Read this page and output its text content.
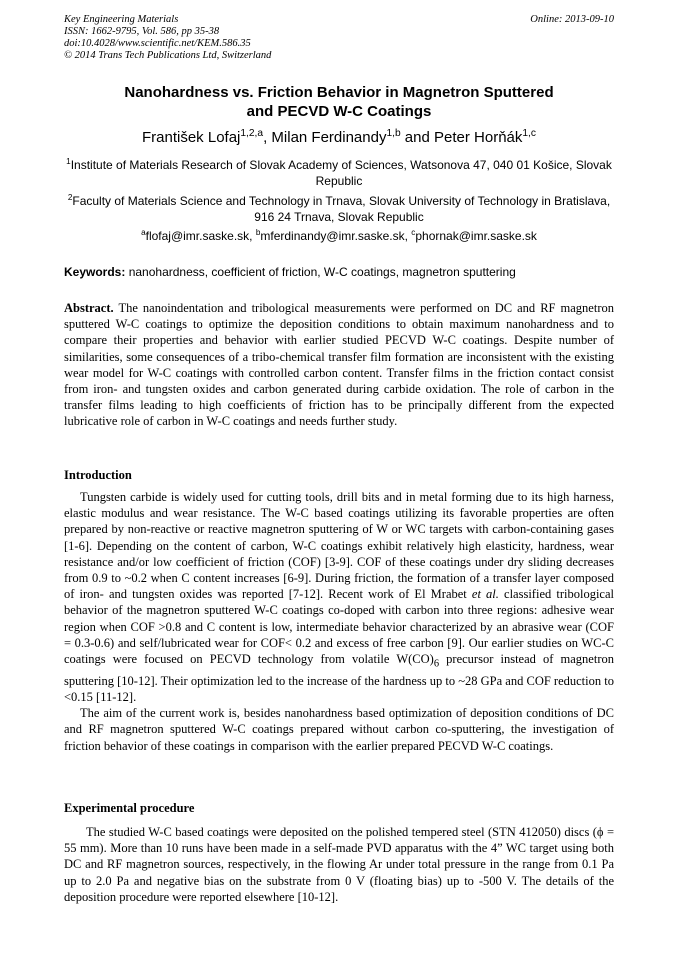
Key Engineering Materials
ISSN: 1662-9795, Vol. 586, pp 35-38
doi:10.4028/www.scientific.net/KEM.586.35
© 2014 Trans Tech Publications Ltd, Switzerland
Online: 2013-09-10
Nanohardness vs. Friction Behavior in Magnetron Sputtered
and PECVD W-C Coatings
František Lofaj$^{1,2,a}$, Milan Ferdinandy$^{1,b}$ and Peter Horňák$^{1,c}$
$^1$Institute of Materials Research of Slovak Academy of Sciences, Watsonova 47, 040 01 Košice, Slovak Republic
$^2$Faculty of Materials Science and Technology in Trnava, Slovak University of Technology in Bratislava, 916 24 Trnava, Slovak Republic
$^a$flofaj@imr.saske.sk, $^b$mferdinandy@imr.saske.sk, $^c$phornak@imr.saske.sk
Keywords: nanohardness, coefficient of friction, W-C coatings, magnetron sputtering
Abstract. The nanoindentation and tribological measurements were performed on DC and RF magnetron sputtered W-C coatings to optimize the deposition conditions to obtain maximum nanohardness and to compare their properties and behavior with earlier studied PECVD W-C coatings. Despite number of similarities, some consequences of a tribo-chemical transfer film formation are inconsistent with the existing wear model for W-C coatings with controlled carbon content. Transfer films in the friction contact consist from iron- and tungsten oxides and carbon generated during carbide oxidation. The role of carbon in the transfer films leading to high coefficients of friction has to be principally different from the expected lubricative role of carbon in W-C coatings and needs further study.
Introduction

Tungsten carbide is widely used for cutting tools, drill bits and in metal forming due to its high harness, elastic modulus and wear resistance. The W-C based coatings utilizing its favorable properties are often prepared by non-reactive or reactive magnetron sputtering of W or WC targets with carbon-containing gases [1-6]. Depending on the content of carbon, W-C coatings exhibit relatively high elasticity, hardness, wear resistance and/or low coefficient of friction (COF) [3-9]. COF of these coatings under dry sliding decreases from 0.9 to ~0.2 when C content increases [6-9]. During friction, the formation of a transfer layer composed of iron- and tungsten oxides was reported [7-12]. Recent work of El Mrabet et al. classified tribological behavior of the magnetron sputtered W-C coatings co-doped with carbon into three regions: adhesive wear region when COF >0.8 and C content is low, intermediate behavior characterized by an abrasive wear (COF = 0.3-0.6) and self/lubricated wear for COF< 0.2 and excess of free carbon [9]. Our earlier studies on WC-C coatings were focused on PECVD technology from volatile $W(CO)_6$ precursor instead of magnetron sputtering [10-12]. Their optimization led to the increase of the hardness up to ~28 GPa and COF reduction to <0.15 [11-12].

The aim of the current work is, besides nanohardness based optimization of deposition conditions of DC and RF magnetron sputtered W-C coatings prepared without carbon co-sputtering, the investigation of friction behavior of these coatings in comparison with the earlier prepared PECVD W-C coatings.

Experimental procedure

The studied W-C based coatings were deposited on the polished tempered steel (STN 412050) discs (ϕ = 55 mm). More than 10 runs have been made in a self-made PVD apparatus with the 4” WC target using both DC and RF magnetron sources, respectively, in the flowing Ar under total pressure in the range from 0.1 Pa up to 2.0 Pa and negative bias on the substrate from 0 V (floating bias) up to -500 V. The details of the deposition procedure were reported elsewhere [10-12].
